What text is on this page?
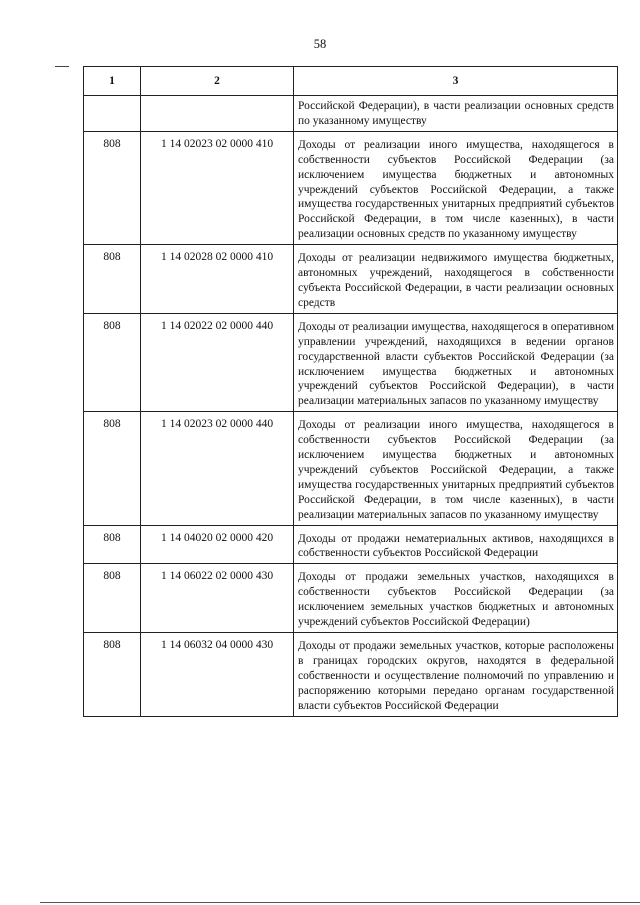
58
1	2	3
		Российской Федерации), в части реализации основных средств по указанному имуществу
808	1 14 02023 02 0000 410	Доходы от реализации иного имущества, находящегося в собственности субъектов Российской Федерации (за исключением имущества бюджетных и автономных учреждений субъектов Российской Федерации, а также имущества государственных унитарных предприятий субъектов Российской Федерации, в том числе казенных), в части реализации основных средств по указанному имуществу
808	1 14 02028 02 0000 410	Доходы от реализации недвижимого имущества бюджетных, автономных учреждений, находящегося в собственности субъекта Российской Федерации, в части реализации основных средств
808	1 14 02022 02 0000 440	Доходы от реализации имущества, находящегося в оперативном управлении учреждений, находящихся в ведении органов государственной власти субъектов Российской Федерации (за исключением имущества бюджетных и автономных учреждений субъектов Российской Федерации), в части реализации материальных запасов по указанному имуществу
808	1 14 02023 02 0000 440	Доходы от реализации иного имущества, находящегося в собственности субъектов Российской Федерации (за исключением имущества бюджетных и автономных учреждений субъектов Российской Федерации, а также имущества государственных унитарных предприятий субъектов Российской Федерации, в том числе казенных), в части реализации материальных запасов по указанному имуществу
808	1 14 04020 02 0000 420	Доходы от продажи нематериальных активов, находящихся в собственности субъектов Российской Федерации
808	1 14 06022 02 0000 430	Доходы от продажи земельных участков, находящихся в собственности субъектов Российской Федерации (за исключением земельных участков бюджетных и автономных учреждений субъектов Российской Федерации)
808	1 14 06032 04 0000 430	Доходы от продажи земельных участков, которые расположены в границах городских округов, находятся в федеральной собственности и осуществление полномочий по управлению и распоряжению которыми передано органам государственной власти субъектов Российской Федерации
